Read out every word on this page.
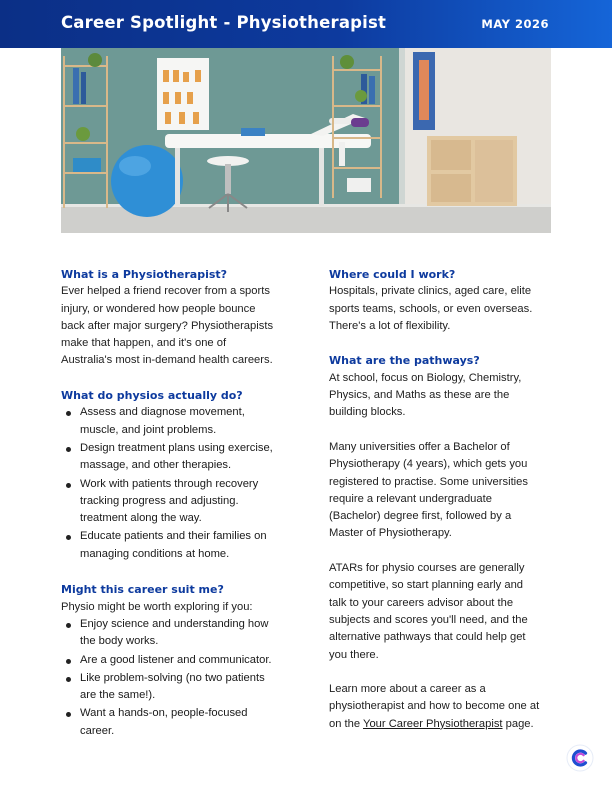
Career Spotlight - Physiotherapist	MAY 2026
What is a Physiotherapist?

Ever helped a friend recover from a sports
injury, or wondered how people bounce
back after major surgery? Physiotherapists
make that happen, and it's one of
Australia's most in-demand health careers.

What do physios actually do?
Assess and diagnose movement,
muscle, and joint problems.
Design treatment plans using exercise,
massage, and other therapies.
Work with patients through recovery
tracking progress and adjusting.
treatment along the way.
Educate patients and their families on
managing conditions at home.
Might this career suit me?

Physio might be worth exploring if you:

Enjoy science and understanding how
the body works.
Are a good listener and communicator.
Like problem-solving (no two patients
are the same!).
Want a hands-on, people-focused
career.
Where could I work?

Hospitals, private clinics, aged care, elite
sports teams, schools, or even overseas.
There's a lot of flexibility.

What are the pathways?

At school, focus on Biology, Chemistry,
Physics, and Maths as these are the
building blocks.

Many universities offer a Bachelor of
Physiotherapy (4 years), which gets you
registered to practise. Some universities
require a relevant undergraduate
(Bachelor) degree first, followed by a
Master of Physiotherapy.

ATARs for physio courses are generally
competitive, so start planning early and
talk to your careers advisor about the
subjects and scores you'll need, and the
alternative pathways that could help get
you there.

Learn more about a career as a
physiotherapist and how to become one at
on the Your Career Physiotherapist page.
